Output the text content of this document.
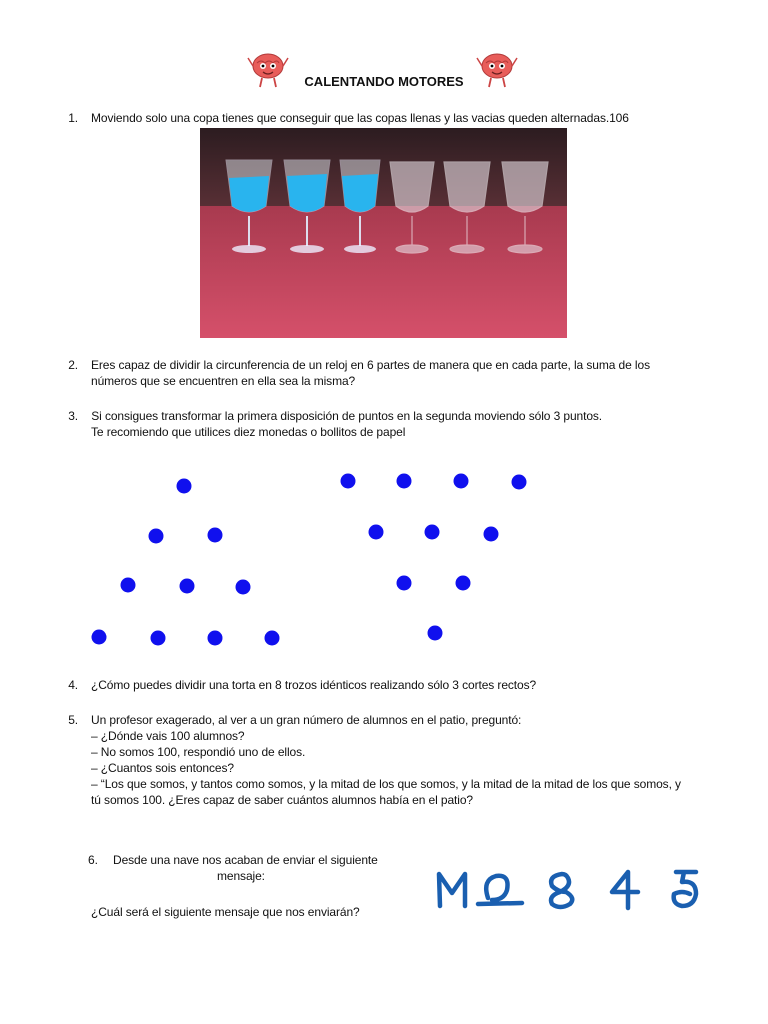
CALENTANDO MOTORES
1. Moviendo solo una copa tienes que conseguir que las copas llenas y las vacias queden alternadas.106
2. Eres capaz de dividir la circunferencia de un reloj en 6 partes de manera que en cada parte, la suma de los
números que se encuentren en ella sea la misma?
3. Si consigues transformar la primera disposición de puntos en la segunda moviendo sólo 3 puntos.
Te recomiendo que utilices diez monedas o bollitos de papel
4. ¿Cómo puedes dividir una torta en 8 trozos idénticos realizando sólo 3 cortes rectos?
5. Un profesor exagerado, al ver a un gran número de alumnos en el patio, preguntó:
– ¿Dónde vais 100 alumnos?
– No somos 100, respondió uno de ellos.
– ¿Cuantos sois entonces?
– “Los que somos, y tantos como somos, y la mitad de los que somos, y la mitad de la mitad de los que somos, y
tú somos 100. ¿Eres capaz de saber cuántos alumnos había en el patio?
6.	Desde una nave nos acaban de enviar el siguiente
mensaje:
¿Cuál será el siguiente mensaje que nos enviarán?
